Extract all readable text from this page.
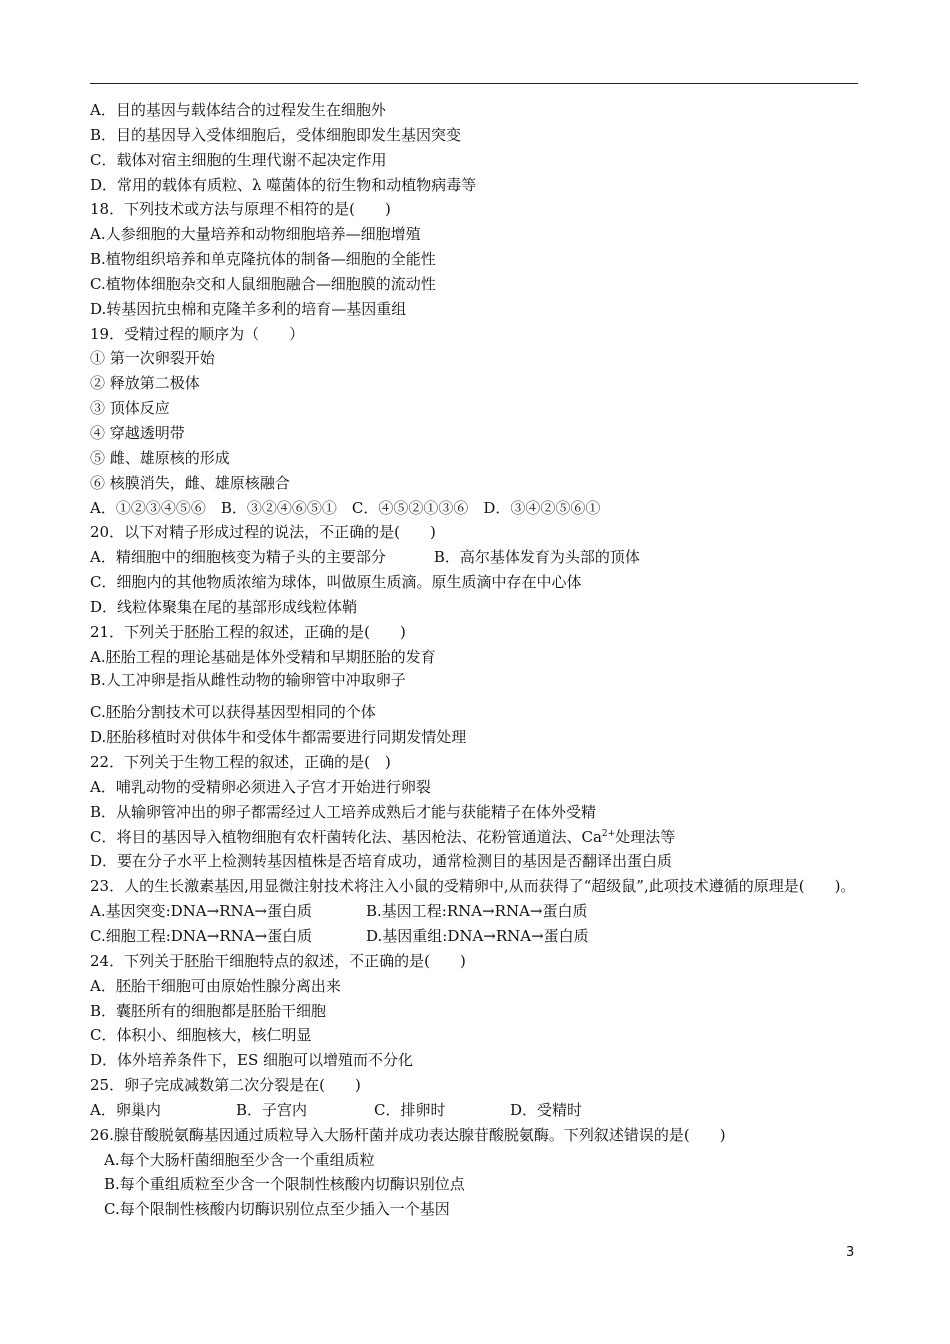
A．目的基因与载体结合的过程发生在细胞外
B．目的基因导入受体细胞后，受体细胞即发生基因突变
C．载体对宿主细胞的生理代谢不起决定作用
D．常用的载体有质粒、λ 噬菌体的衍生物和动植物病毒等
18．下列技术或方法与原理不相符的是(　　)
A.人参细胞的大量培养和动物细胞培养—细胞增殖
B.植物组织培养和单克隆抗体的制备—细胞的全能性
C.植物体细胞杂交和人鼠细胞融合—细胞膜的流动性
D.转基因抗虫棉和克隆羊多利的培育—基因重组
19．受精过程的顺序为（　　）
① 第一次卵裂开始
② 释放第二极体
③ 顶体反应
④ 穿越透明带
⑤ 雌、雄原核的形成
⑥ 核膜消失，雌、雄原核融合
A．①②③④⑤⑥　B．③②④⑥⑤①　C．④⑤②①③⑥　D．③④②⑤⑥①
20．以下对精子形成过程的说法，不正确的是(　　)
A．精细胞中的细胞核变为精子头的主要部分	B．高尔基体发育为头部的顶体
C．细胞内的其他物质浓缩为球体，叫做原生质滴。原生质滴中存在中心体
D．线粒体聚集在尾的基部形成线粒体鞘
21．下列关于胚胎工程的叙述，正确的是(　　)
A.胚胎工程的理论基础是体外受精和早期胚胎的发育
B.人工冲卵是指从雌性动物的输卵管中冲取卵子
C.胚胎分割技术可以获得基因型相同的个体
D.胚胎移植时对供体牛和受体牛都需要进行同期发情处理
22．下列关于生物工程的叙述，正确的是(　)
A．哺乳动物的受精卵必须进入子宫才开始进行卵裂
B．从输卵管冲出的卵子都需经过人工培养成熟后才能与获能精子在体外受精
C．将目的基因导入植物细胞有农杆菌转化法、基因枪法、花粉管通道法、$Ca^{2+}$处理法等
D．要在分子水平上检测转基因植株是否培育成功，通常检测目的基因是否翻译出蛋白质
23．人的生长激素基因,用显微注射技术将注入小鼠的受精卵中,从而获得了“超级鼠”,此项技术遵循的原理是(　　)。
A.基因突变:DNA→RNA→蛋白质	B.基因工程:RNA→RNA→蛋白质
C.细胞工程:DNA→RNA→蛋白质	D.基因重组:DNA→RNA→蛋白质
24．下列关于胚胎干细胞特点的叙述，不正确的是(　　)
A．胚胎干细胞可由原始性腺分离出来
B．囊胚所有的细胞都是胚胎干细胞
C．体积小、细胞核大，核仁明显
D．体外培养条件下，ES 细胞可以增殖而不分化
25．卵子完成减数第二次分裂是在(　　)
A．卵巢内	B．子宫内	C．排卵时	D．受精时
26.腺苷酸脱氨酶基因通过质粒导入大肠杆菌并成功表达腺苷酸脱氨酶。下列叙述错误的是(　　)
A.每个大肠杆菌细胞至少含一个重组质粒
B.每个重组质粒至少含一个限制性核酸内切酶识别位点
C.每个限制性核酸内切酶识别位点至少插入一个基因
3
